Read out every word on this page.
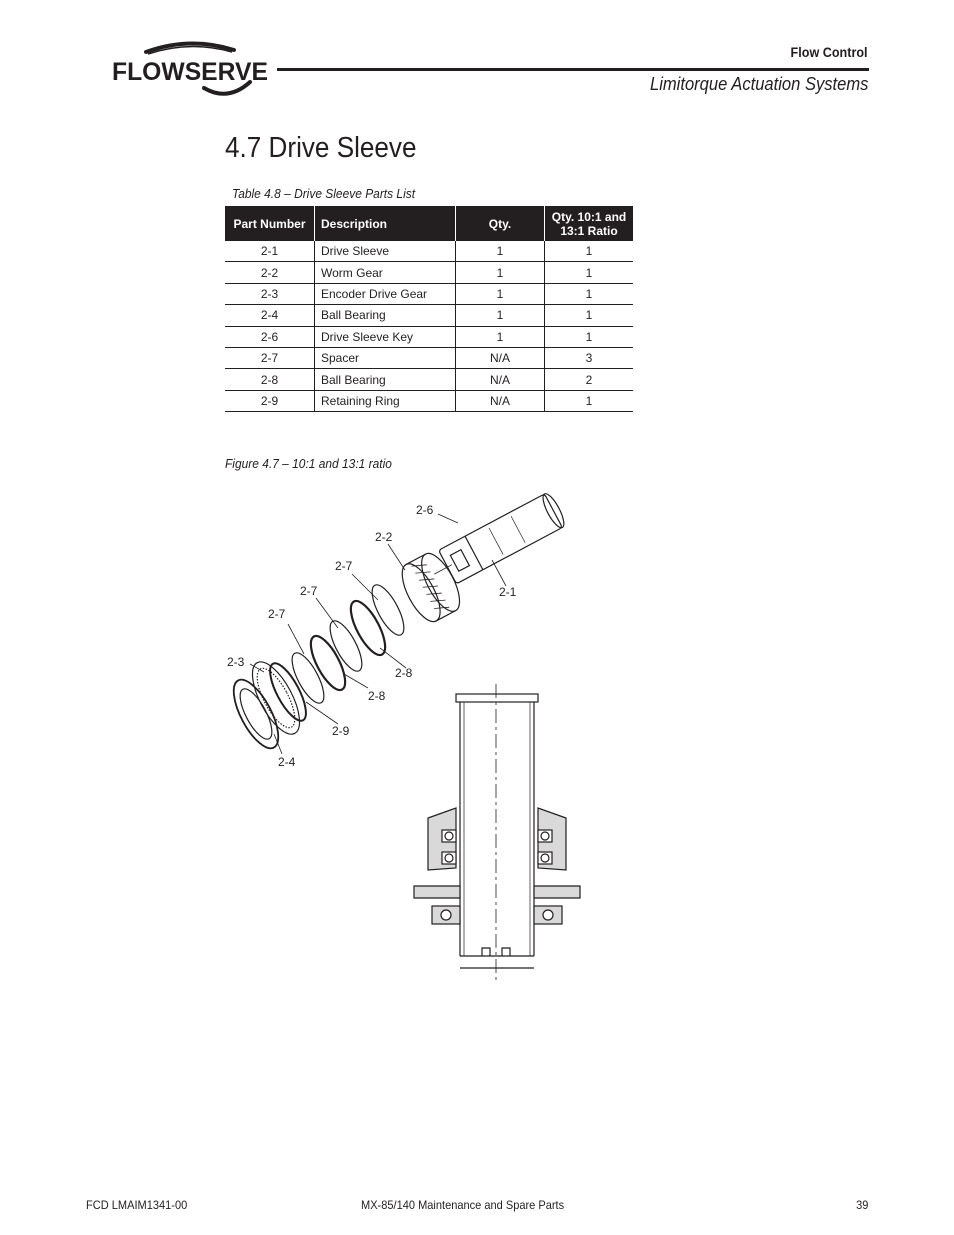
FLOWSERVE
Flow Control
Limitorque Actuation Systems
4.7 Drive Sleeve
Table 4.8 – Drive Sleeve Parts List
Part Number	Description	Qty.	Qty. 10:1 and
13:1 Ratio
2-1	Drive Sleeve	1	1
2-2	Worm Gear	1	1
2-3	Encoder Drive Gear	1	1
2-4	Ball Bearing	1	1
2-6	Drive Sleeve Key	1	1
2-7	Spacer	N/A	3
2-8	Ball Bearing	N/A	2
2-9	Retaining Ring	N/A	1
Figure 4.7 – 10:1 and 13:1 ratio
2-6
2-2
2-7
2-7
2-7
2-1
2-3
2-8
2-8
2-9
2-4
FCD LMAIM1341-00	MX-85/140 Maintenance and Spare Parts	39
